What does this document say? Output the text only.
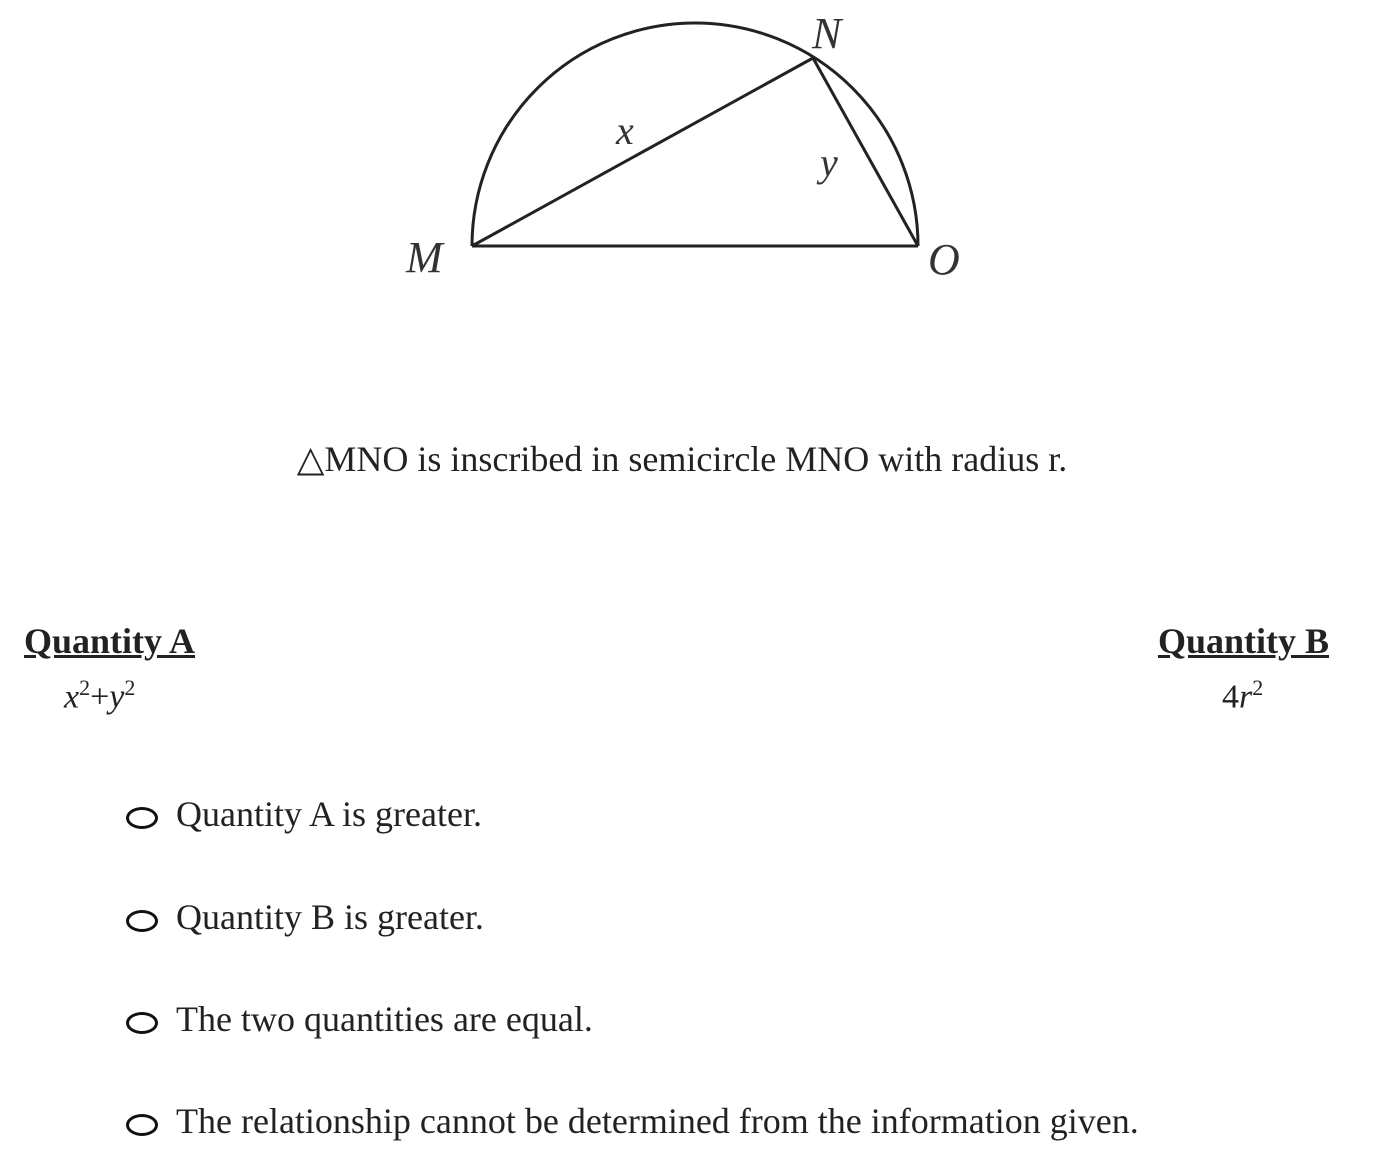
N
M	O
x
y
△MNO is inscribed in semicircle MNO with radius r.
Quantity A
$x^2+y^2$
Quantity B
$4r^2$
Quantity A is greater.
Quantity B is greater.
The two quantities are equal.
The relationship cannot be determined from the information given.
